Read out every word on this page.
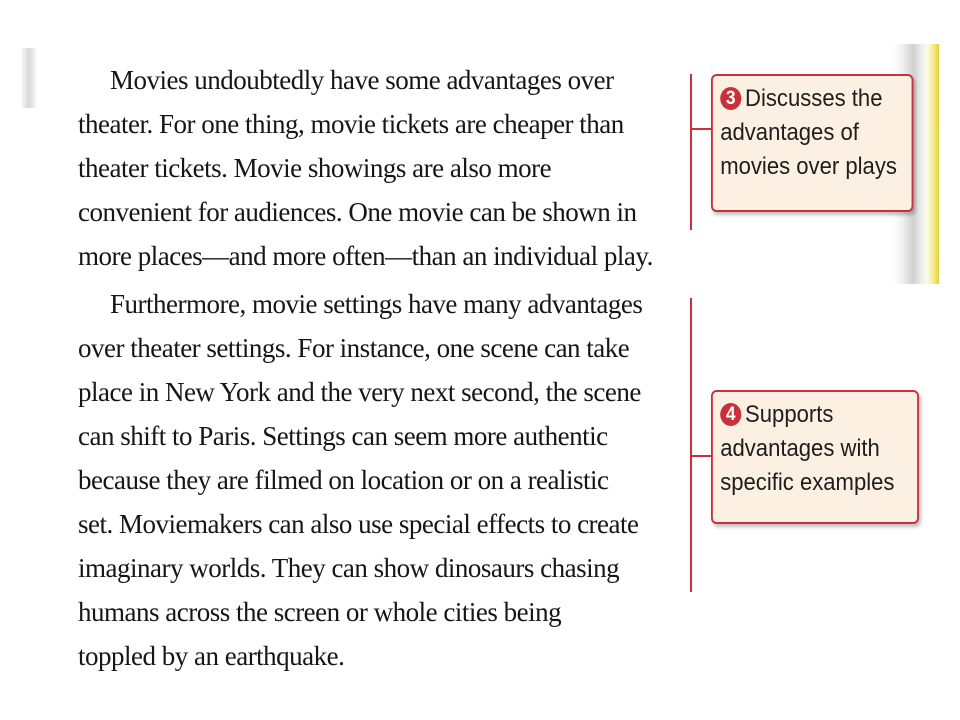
Movies undoubtedly have some advantages over
theater. For one thing, movie tickets are cheaper than
theater tickets. Movie showings are also more
convenient for audiences. One movie can be shown in
more places—and more often—than an individual play.
Furthermore, movie settings have many advantages
over theater settings. For instance, one scene can take
place in New York and the very next second, the scene
can shift to Paris. Settings can seem more authentic
because they are filmed on location or on a realistic
set. Moviemakers can also use special effects to create
imaginary worlds. They can show dinosaurs chasing
humans across the screen or whole cities being
toppled by an earthquake.
3 Discusses the
advantages of
movies over plays
4 Supports
advantages with
specific examples
